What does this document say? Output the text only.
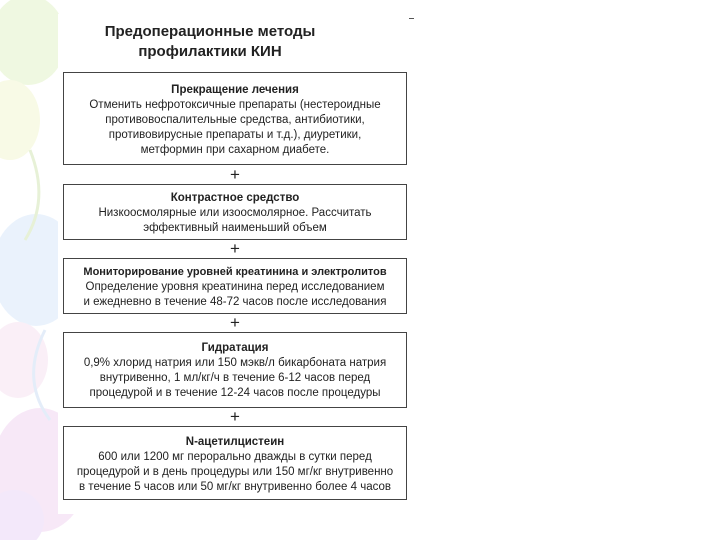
Предоперационные методы
профилактики КИН
Прекращение лечения
Отменить нефротоксичные препараты (нестероидные
противовоспалительные средства, антибиотики,
противовирусные препараты и т.д.), диуретики,
метформин при сахарном диабете.
+
Контрастное средство
Низкоосмолярные или изоосмолярное. Рассчитать
эффективный наименьший объем
+
Мониторирование уровней креатинина и электролитов
Определение уровня креатинина перед исследованием
и ежедневно в течение 48-72 часов после исследования
+
Гидратация
0,9% хлорид натрия или 150 мэкв/л бикарбоната натрия
внутривенно, 1 мл/кг/ч в течение 6-12 часов перед
процедурой и в течение 12-24 часов после процедуры
+
N-ацетилцистеин
600 или 1200 мг перорально дважды в сутки перед
процедурой и в день процедуры или 150 мг/кг внутривенно
в течение 5 часов или 50 мг/кг внутривенно более 4 часов
